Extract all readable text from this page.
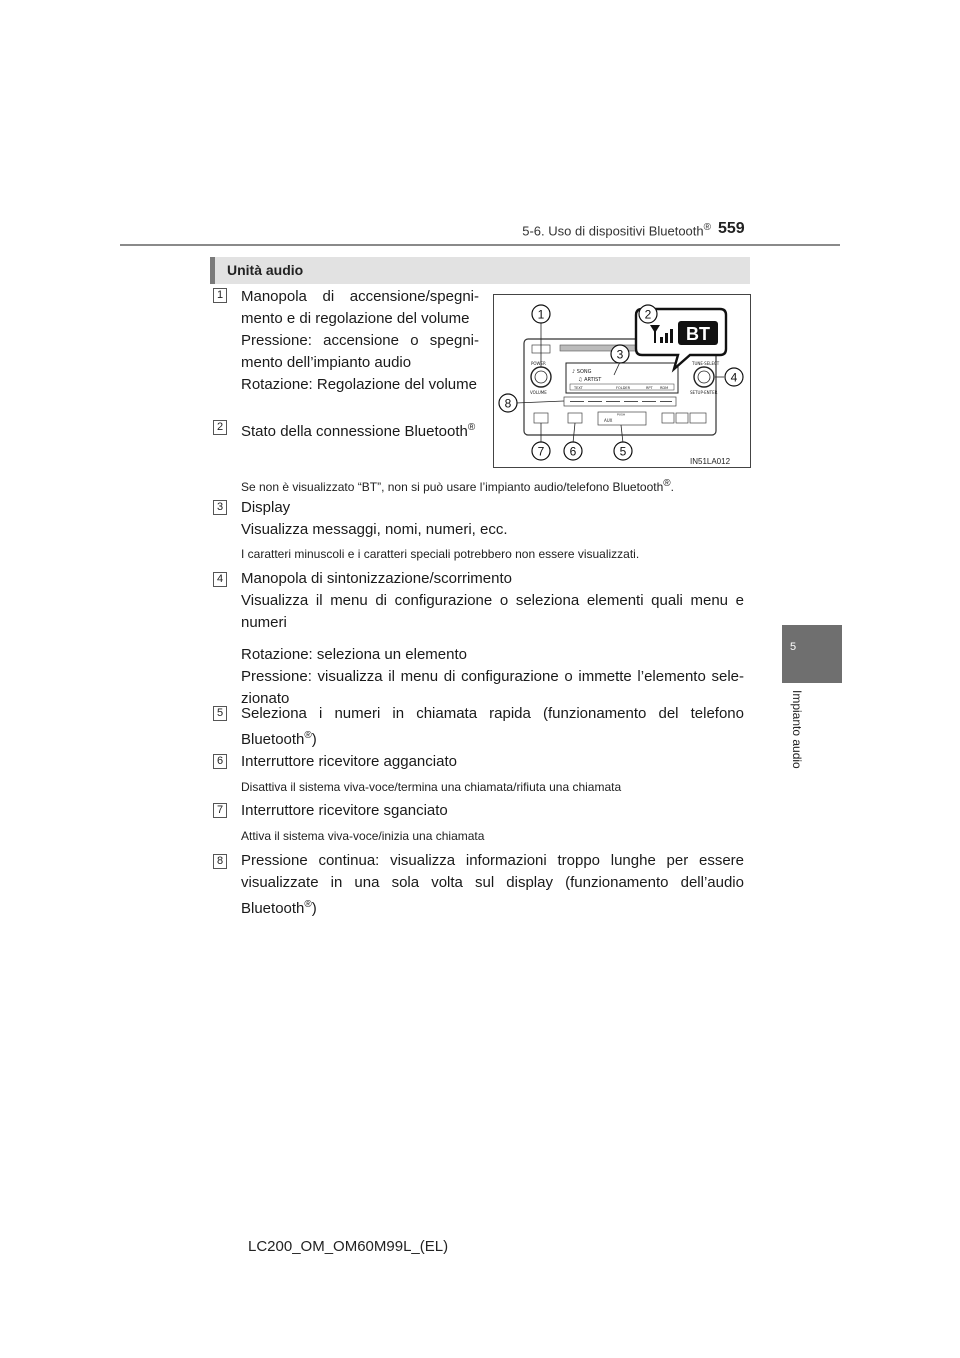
5-6. Uso di dispositivi Bluetooth® 559
5
Impianto audio
Unità audio
POWER
VOLUME
♪ SONG
♫ ARTIST
TEXT	FOLDER	RPT RDM
TUNE·SELECT
SETUP·ENTER
AUX
PUSH
BT
1	2
3
4
5
6
7
8
IN51LA012
1 Manopola di accensione/spegni-mento e di regolazione del volume

Pressione: accensione o spegni-mento dell’impianto audio

Rotazione: Regolazione del volume

2 Stato della connessione Bluetooth®
Se non è visualizzato “BT”, non si può usare l’impianto audio/telefono Bluetooth®.
3 Display

Visualizza messaggi, nomi, numeri, ecc.

I caratteri minuscoli e i caratteri speciali potrebbero non essere visualizzati.
4 Manopola di sintonizzazione/scorrimento

Visualizza il menu di configurazione o seleziona elementi quali menu e numeri

Rotazione: seleziona un elemento

Pressione: visualizza il menu di configurazione o immette l’elemento sele-zionato

5 Seleziona i numeri in chiamata rapida (funzionamento del telefono Bluetooth®)
6 Interruttore ricevitore agganciato
Disattiva il sistema viva-voce/termina una chiamata/rifiuta una chiamata
7 Interruttore ricevitore sganciato
Attiva il sistema viva-voce/inizia una chiamata
8 Pressione continua: visualizza informazioni troppo lunghe per essere visualizzate in una sola volta sul display (funzionamento dell’audio Bluetooth®)
LC200_OM_OM60M99L_(EL)
